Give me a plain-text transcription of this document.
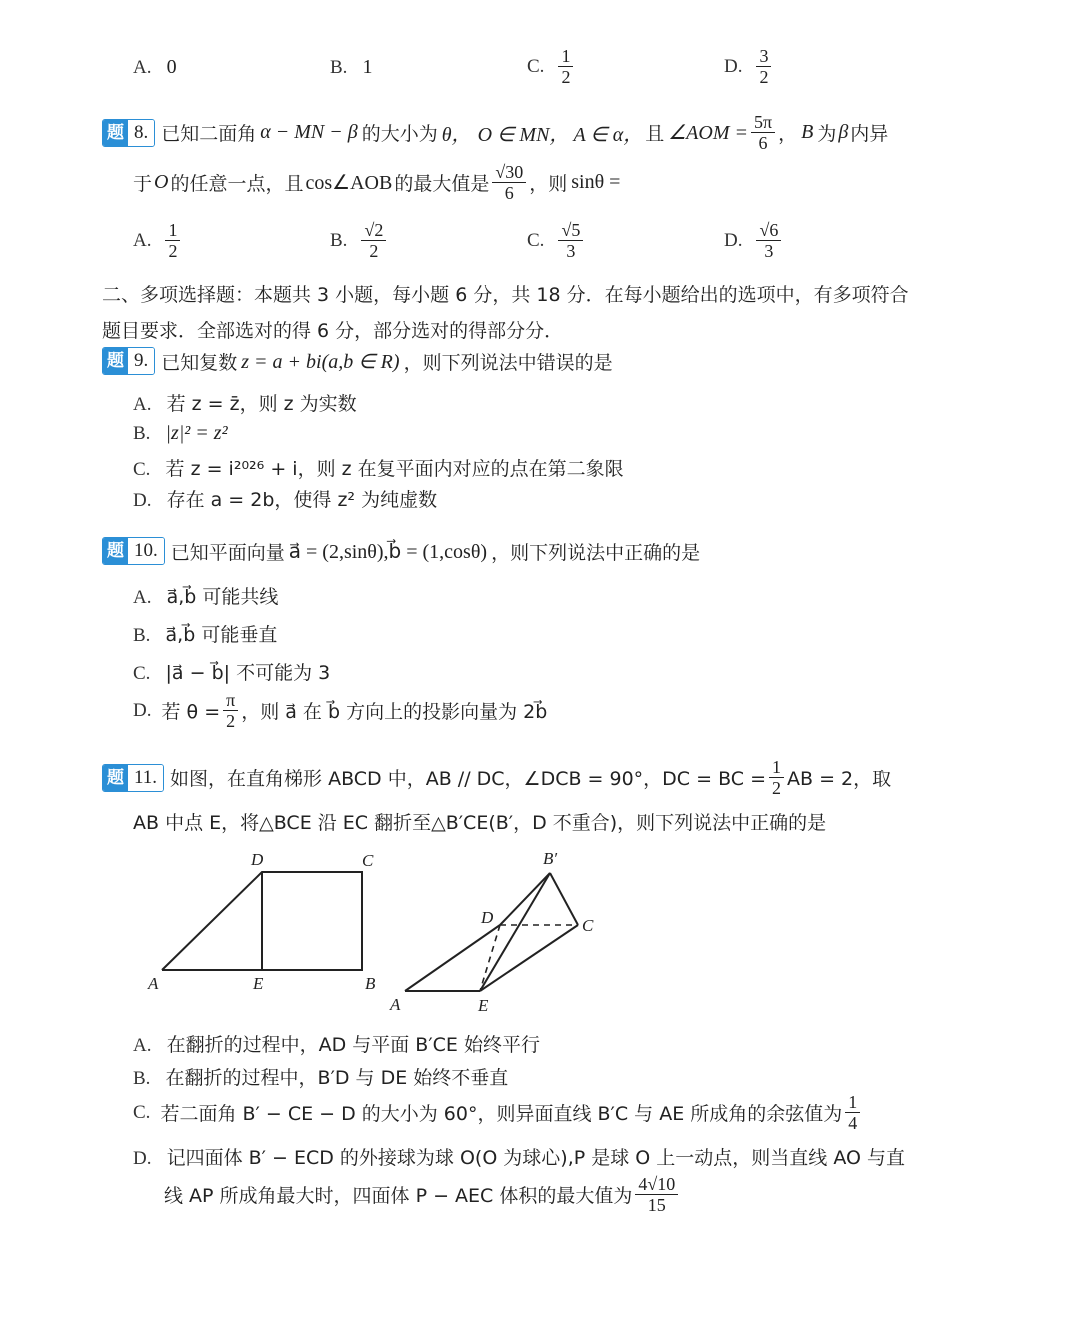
A. 0	B. 1	C. $\frac{1}{2}$	D. $\frac{3}{2}$
题 8. 已知二面角 α − MN − β 的大小为 θ， O ∈ MN， A ∈ α， 且 ∠AOM = $\frac{5\pi}{6}$ ， B 为 β 内异
于 O 的任意一点，且 cos∠AOB 的最大值是 $\frac{√30}{6}$ ，则 sinθ =
A. $\frac{1}{2}$	B. $\frac{√2}{2}$	C. $\frac{√5}{3}$	D. $\frac{√6}{3}$
二、多项选择题：本题共 3 小题，每小题 6 分，共 18 分．在每小题给出的选项中，有多项符合
题目要求．全部选对的得 6 分，部分选对的得部分分．
题 9. 已知复数 z = a + bi(a,b ∈ R) ，则下列说法中错误的是
A. 若 z = z̄，则 z 为实数
B. |z|² = z²
C. 若 z = i²⁰²⁶ + i，则 z 在复平面内对应的点在第二象限
D. 存在 a = 2b，使得 z² 为纯虚数
题 10. 已知平面向量 a⃗ = (2,sinθ),b⃗ = (1,cosθ) ，则下列说法中正确的是
A. a⃗,b⃗ 可能共线
B. a⃗,b⃗ 可能垂直
C. |a⃗ − b⃗| 不可能为 3
D. 若 $\theta = \frac{\pi}{2}$ ，则 a⃗ 在 b⃗ 方向上的投影向量为 2b⃗
题 11. 如图，在直角梯形 ABCD 中，AB // DC，∠DCB = 90°，DC = BC = $\frac{1}{2}$ AB = 2，取
AB 中点 E，将△BCE 沿 EC 翻折至△B′CE(B′，D 不重合)，则下列说法中正确的是
D	C
A	E	B
B′
D	C
A	E
A. 在翻折的过程中，AD 与平面 B′CE 始终平行
B. 在翻折的过程中，B′D 与 DE 始终不垂直
C. 若二面角 B′ − CE − D 的大小为 60°，则异面直线 B′C 与 AE 所成角的余弦值为 $\frac{1}{4}$
D. 记四面体 B′ − ECD 的外接球为球 O(O 为球心),P 是球 O 上一动点，则当直线 AO 与直
线 AP 所成角最大时，四面体 P − AEC 体积的最大值为 $\frac{4√10}{15}$
